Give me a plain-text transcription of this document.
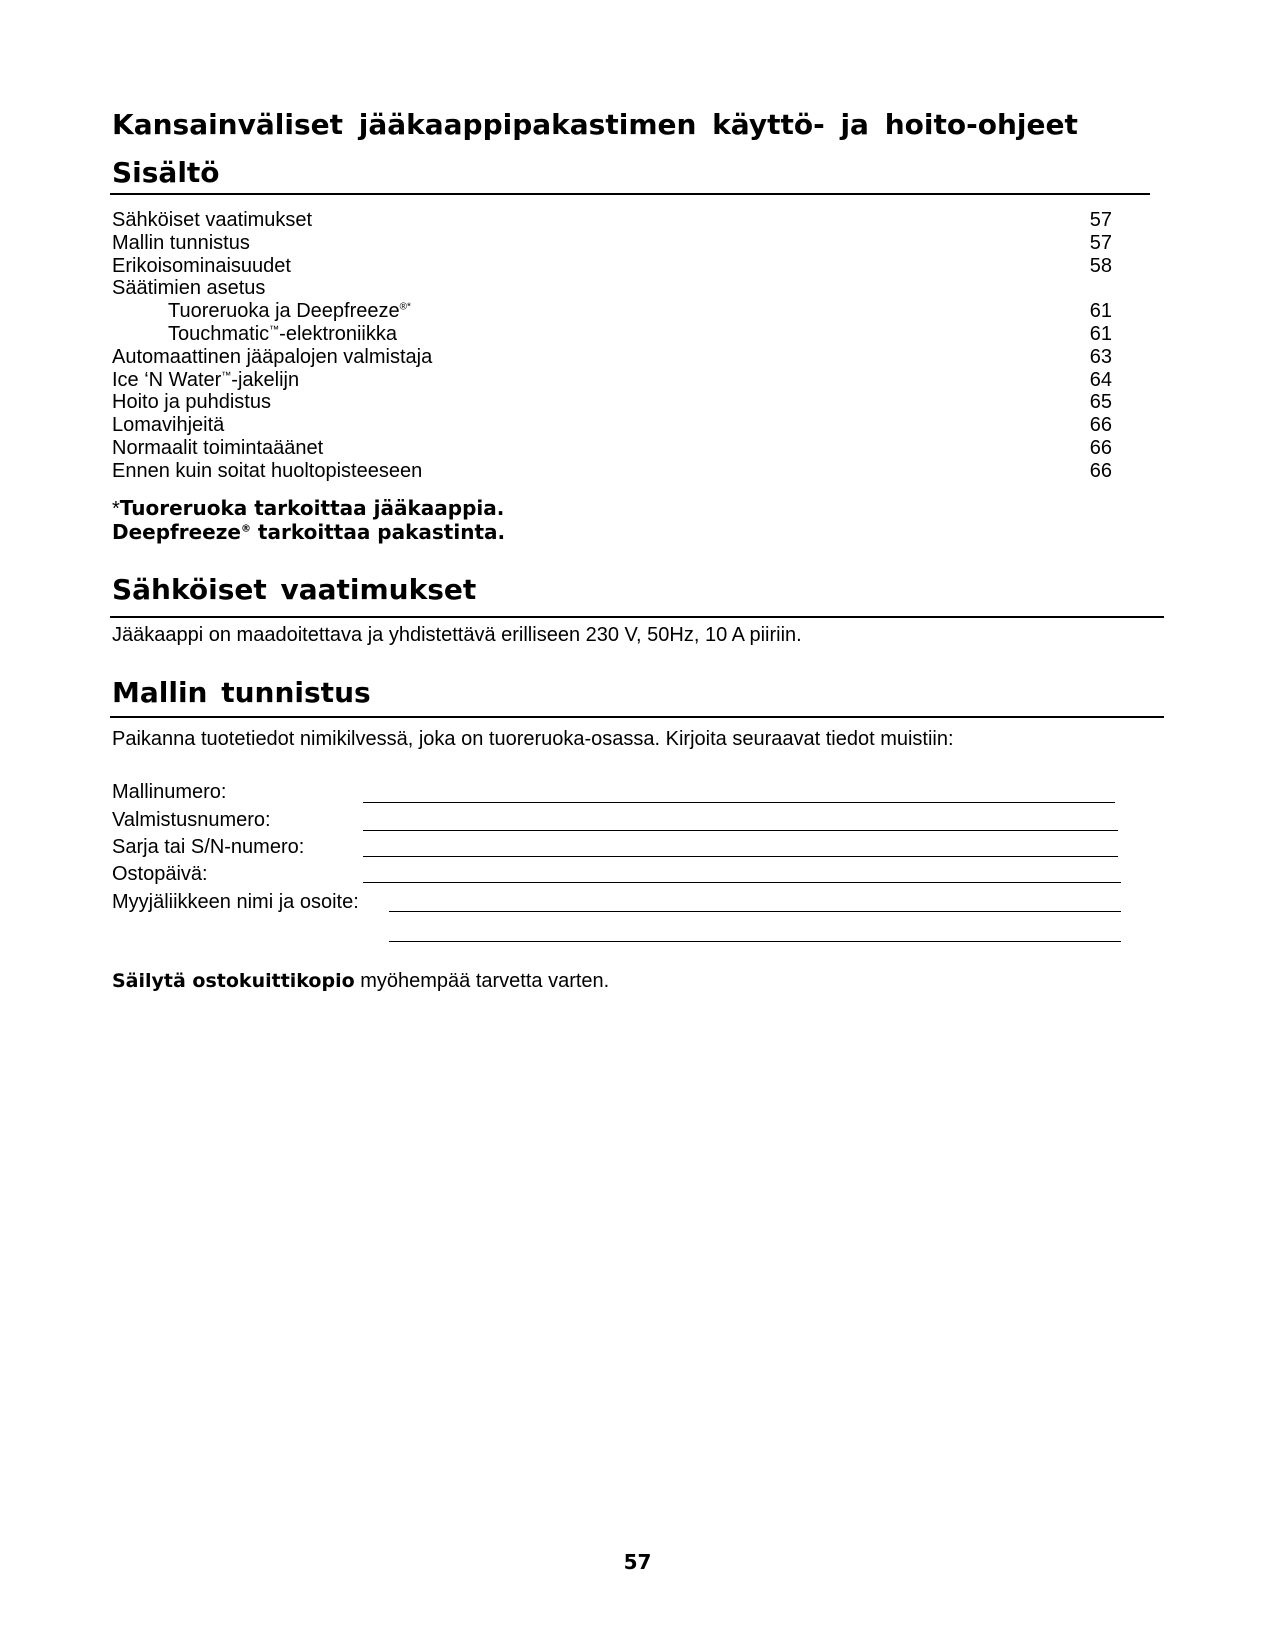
Kansainväliset jääkaappipakastimen käyttö- ja hoito-ohjeet
Sisältö
Sähköiset vaatimukset	57
Mallin tunnistus	57
Erikoisominaisuudet	58
Säätimien asetus
Tuoreruoka ja Deepfreeze®*	61
Touchmatic™-elektroniikka	61
Automaattinen jääpalojen valmistaja	63
Ice ‘N Water™-jakelijn	64
Hoito ja puhdistus	65
Lomavihjeitä	66
Normaalit toimintaäänet	66
Ennen kuin soitat huoltopisteeseen	66
*Tuoreruoka tarkoittaa jääkaappia.
Deepfreeze® tarkoittaa pakastinta.
Sähköiset vaatimukset
Jääkaappi on maadoitettava ja yhdistettävä erilliseen 230 V, 50Hz, 10 A piiriin.
Mallin tunnistus
Paikanna tuotetiedot nimikilvessä, joka on tuoreruoka-osassa. Kirjoita seuraavat tiedot muistiin:
Mallinumero:
Valmistusnumero:
Sarja tai S/N-numero:
Ostopäivä:
Myyjäliikkeen nimi ja osoite:
Säilytä ostokuittikopio myöhempää tarvetta varten.
57
